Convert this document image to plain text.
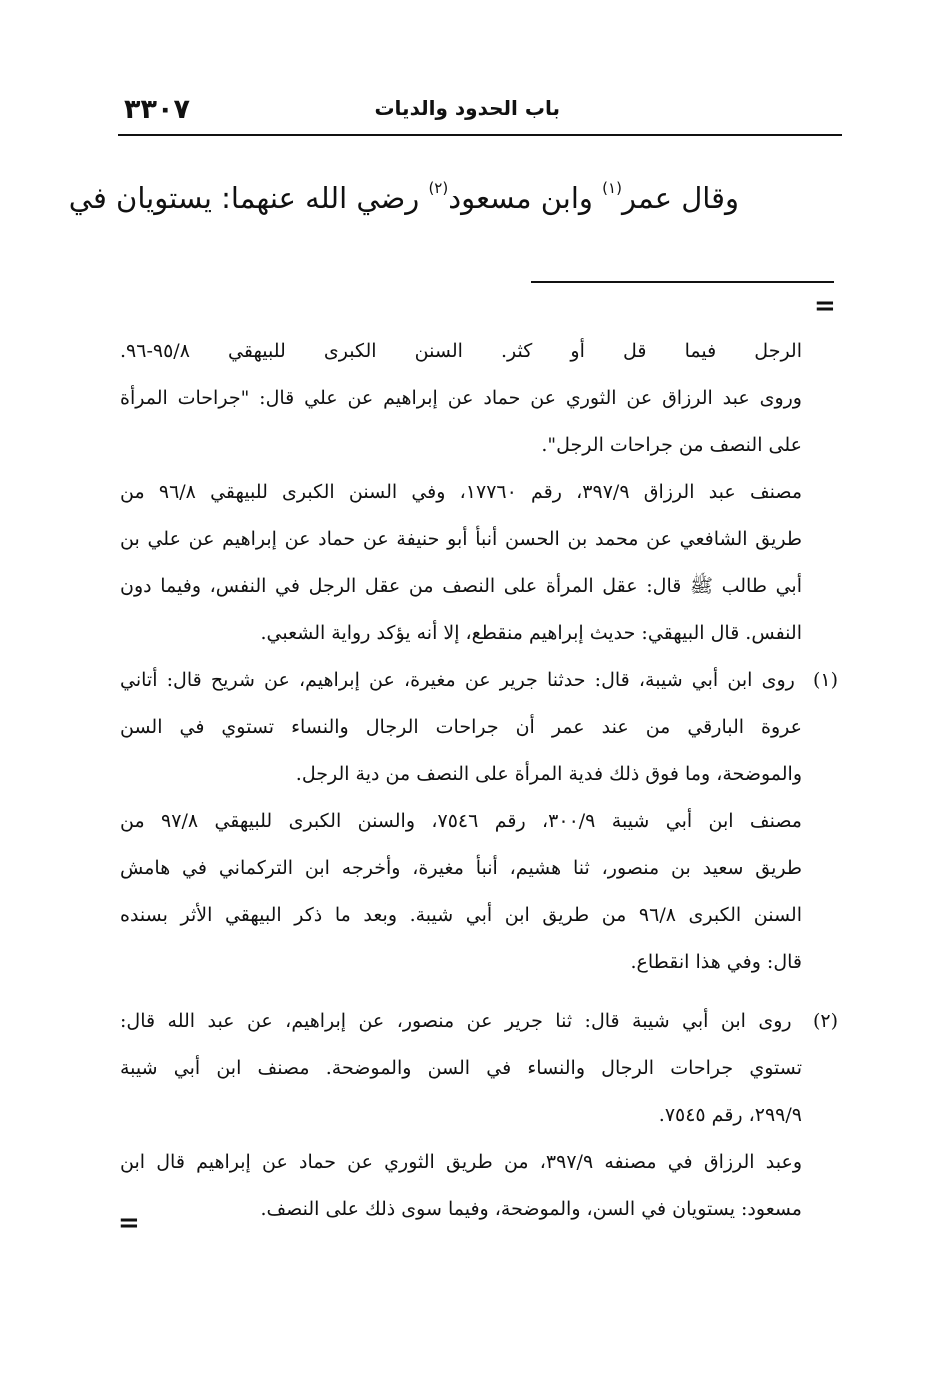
٣٣٠٧	باب الحدود والديات
وقال عمر$^{(١)}$ وابن مسعود$^{(٢)}$ رضي الله عنهما: يستويان في
=
الرجل فيما قل أو كثر. السنن الكبرى للبيهقي ٩٥/٨-٩٦.
وروى عبد الرزاق عن الثوري عن حماد عن إبراهيم عن علي قال: "جراحات المرأة
على النصف من جراحات الرجل".
مصنف عبد الرزاق ٣٩٧/٩، رقم ١٧٧٦٠، وفي السنن الكبرى للبيهقي ٩٦/٨ من
طريق الشافعي عن محمد بن الحسن أنبأ أبو حنيفة عن حماد عن إبراهيم عن علي بن
أبي طالب ﷺ قال: عقل المرأة على النصف من عقل الرجل في النفس، وفيما دون
النفس. قال البيهقي: حديث إبراهيم منقطع، إلا أنه يؤكد رواية الشعبي.
(١) روى ابن أبي شيبة، قال: حدثنا جرير عن مغيرة، عن إبراهيم، عن شريح قال: أتاني
عروة البارقي من عند عمر أن جراحات الرجال والنساء تستوي في السن
والموضحة، وما فوق ذلك فدية المرأة على النصف من دية الرجل.
مصنف ابن أبي شيبة ٣٠٠/٩، رقم ٧٥٤٦، والسنن الكبرى للبيهقي ٩٧/٨ من
طريق سعيد بن منصور، ثنا هشيم، أنبأ مغيرة، وأخرجه ابن التركماني في هامش
السنن الكبرى ٩٦/٨ من طريق ابن أبي شيبة. وبعد ما ذكر البيهقي الأثر بسنده
قال: وفي هذا انقطاع.
(٢) روى ابن أبي شيبة قال: ثنا جرير عن منصور، عن إبراهيم، عن عبد الله قال:
تستوي جراحات الرجال والنساء في السن والموضحة. مصنف ابن أبي شيبة
٢٩٩/٩، رقم ٧٥٤٥.
وعبد الرزاق في مصنفه ٣٩٧/٩، من طريق الثوري عن حماد عن إبراهيم قال ابن
مسعود: يستويان في السن، والموضحة، وفيما سوى ذلك على النصف.
=
